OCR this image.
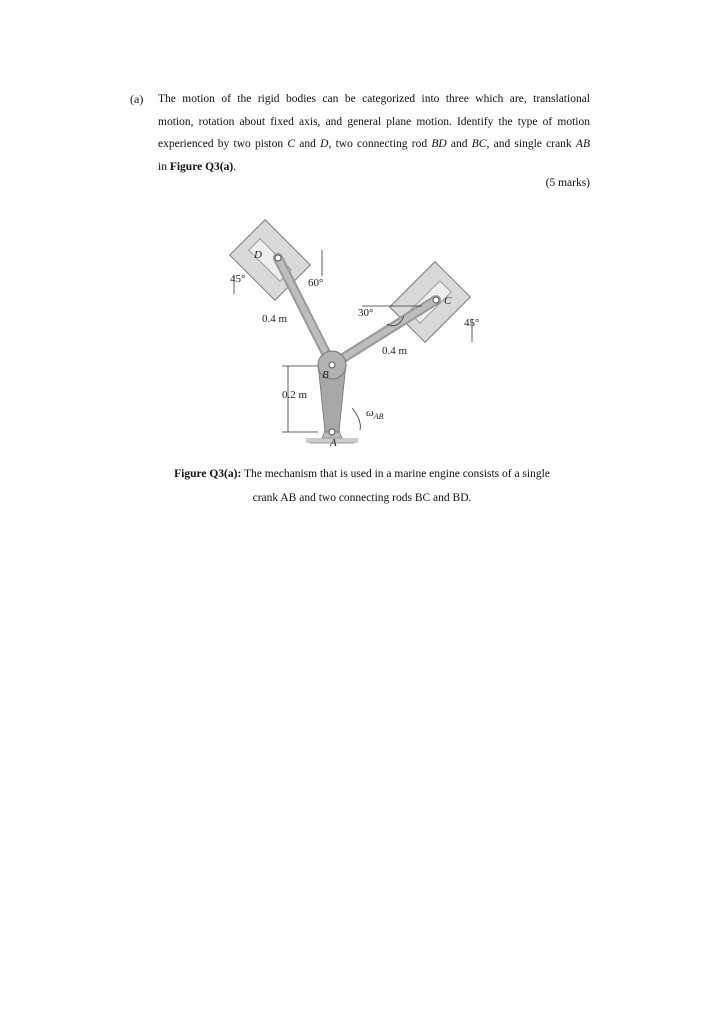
(a) The motion of the rigid bodies can be categorized into three which are, translational
motion, rotation about fixed axis, and general plane motion. Identify the type of motion
experienced by two piston C and D, two connecting rod BD and BC, and single crank AB
in Figure Q3(a).
(5 marks)
D
C
B
A
45°	60°
30°
45°
0.4 m
0.4 m
0.2 m
$\omega_{AB}$
Figure Q3(a): The mechanism that is used in a marine engine consists of a single
crank AB and two connecting rods BC and BD.
